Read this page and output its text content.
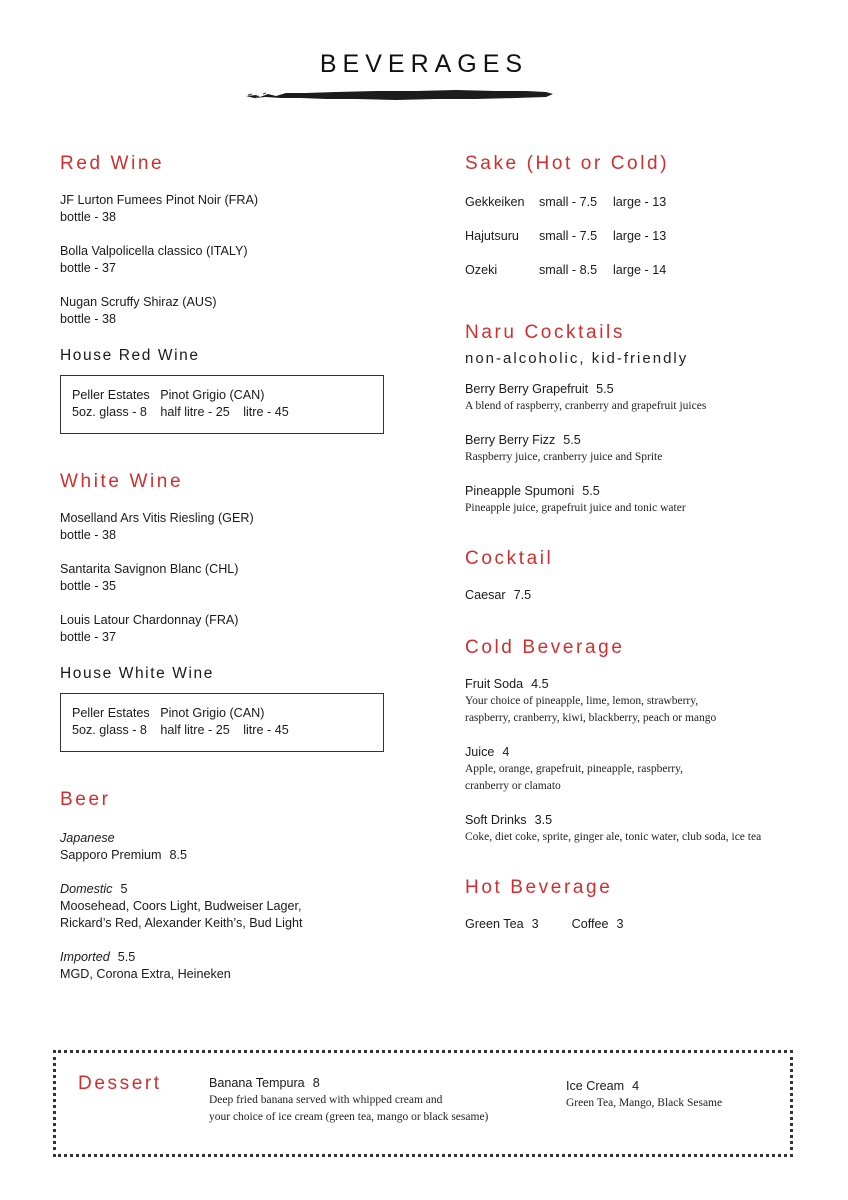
BEVERAGES
Red Wine
JF Lurton Fumees Pinot Noir (FRA)
bottle - 38
Bolla Valpolicella classico (ITALY)
bottle - 37
Nugan Scruffy Shiraz (AUS)
bottle - 38
House Red Wine
Peller Estates   Pinot Grigio (CAN)
5oz. glass - 8 half litre - 25 litre - 45
White Wine
Moselland Ars Vitis Riesling (GER)
bottle - 38
Santarita Savignon Blanc (CHL)
bottle - 35
Louis Latour Chardonnay (FRA)
bottle - 37
House White Wine
Peller Estates   Pinot Grigio (CAN)
5oz. glass - 8 half litre - 25 litre - 45
Beer
Japanese
Sapporo Premium 8.5
Domestic 5
Moosehead, Coors Light, Budweiser Lager,
Rickard’s Red, Alexander Keith’s, Bud Light
Imported 5.5
MGD, Corona Extra, Heineken
Sake (Hot or Cold)
Gekkeiken	small - 7.5	large - 13
Hajutsuru	small - 7.5	large - 13
Ozeki	small - 8.5	large - 14
Naru Cocktails
non-alcoholic, kid-friendly
Berry Berry Grapefruit 5.5
A blend of raspberry, cranberry and grapefruit juices
Berry Berry Fizz 5.5
Raspberry juice, cranberry juice and Sprite
Pineapple Spumoni 5.5
Pineapple juice, grapefruit juice and tonic water
Cocktail
Caesar 7.5
Cold Beverage
Fruit Soda 4.5
Your choice of pineapple, lime, lemon, strawberry,
raspberry, cranberry, kiwi, blackberry, peach or mango
Juice 4
Apple, orange, grapefruit, pineapple, raspberry,
cranberry or clamato
Soft Drinks 3.5
Coke, diet coke, sprite, ginger ale, tonic water, club soda, ice tea
Hot Beverage
Green Tea 3	Coffee 3
Dessert	Banana Tempura 8
Deep fried banana served with whipped cream and
your choice of ice cream (green tea, mango or black sesame)
Ice Cream 4
Green Tea, Mango, Black Sesame
